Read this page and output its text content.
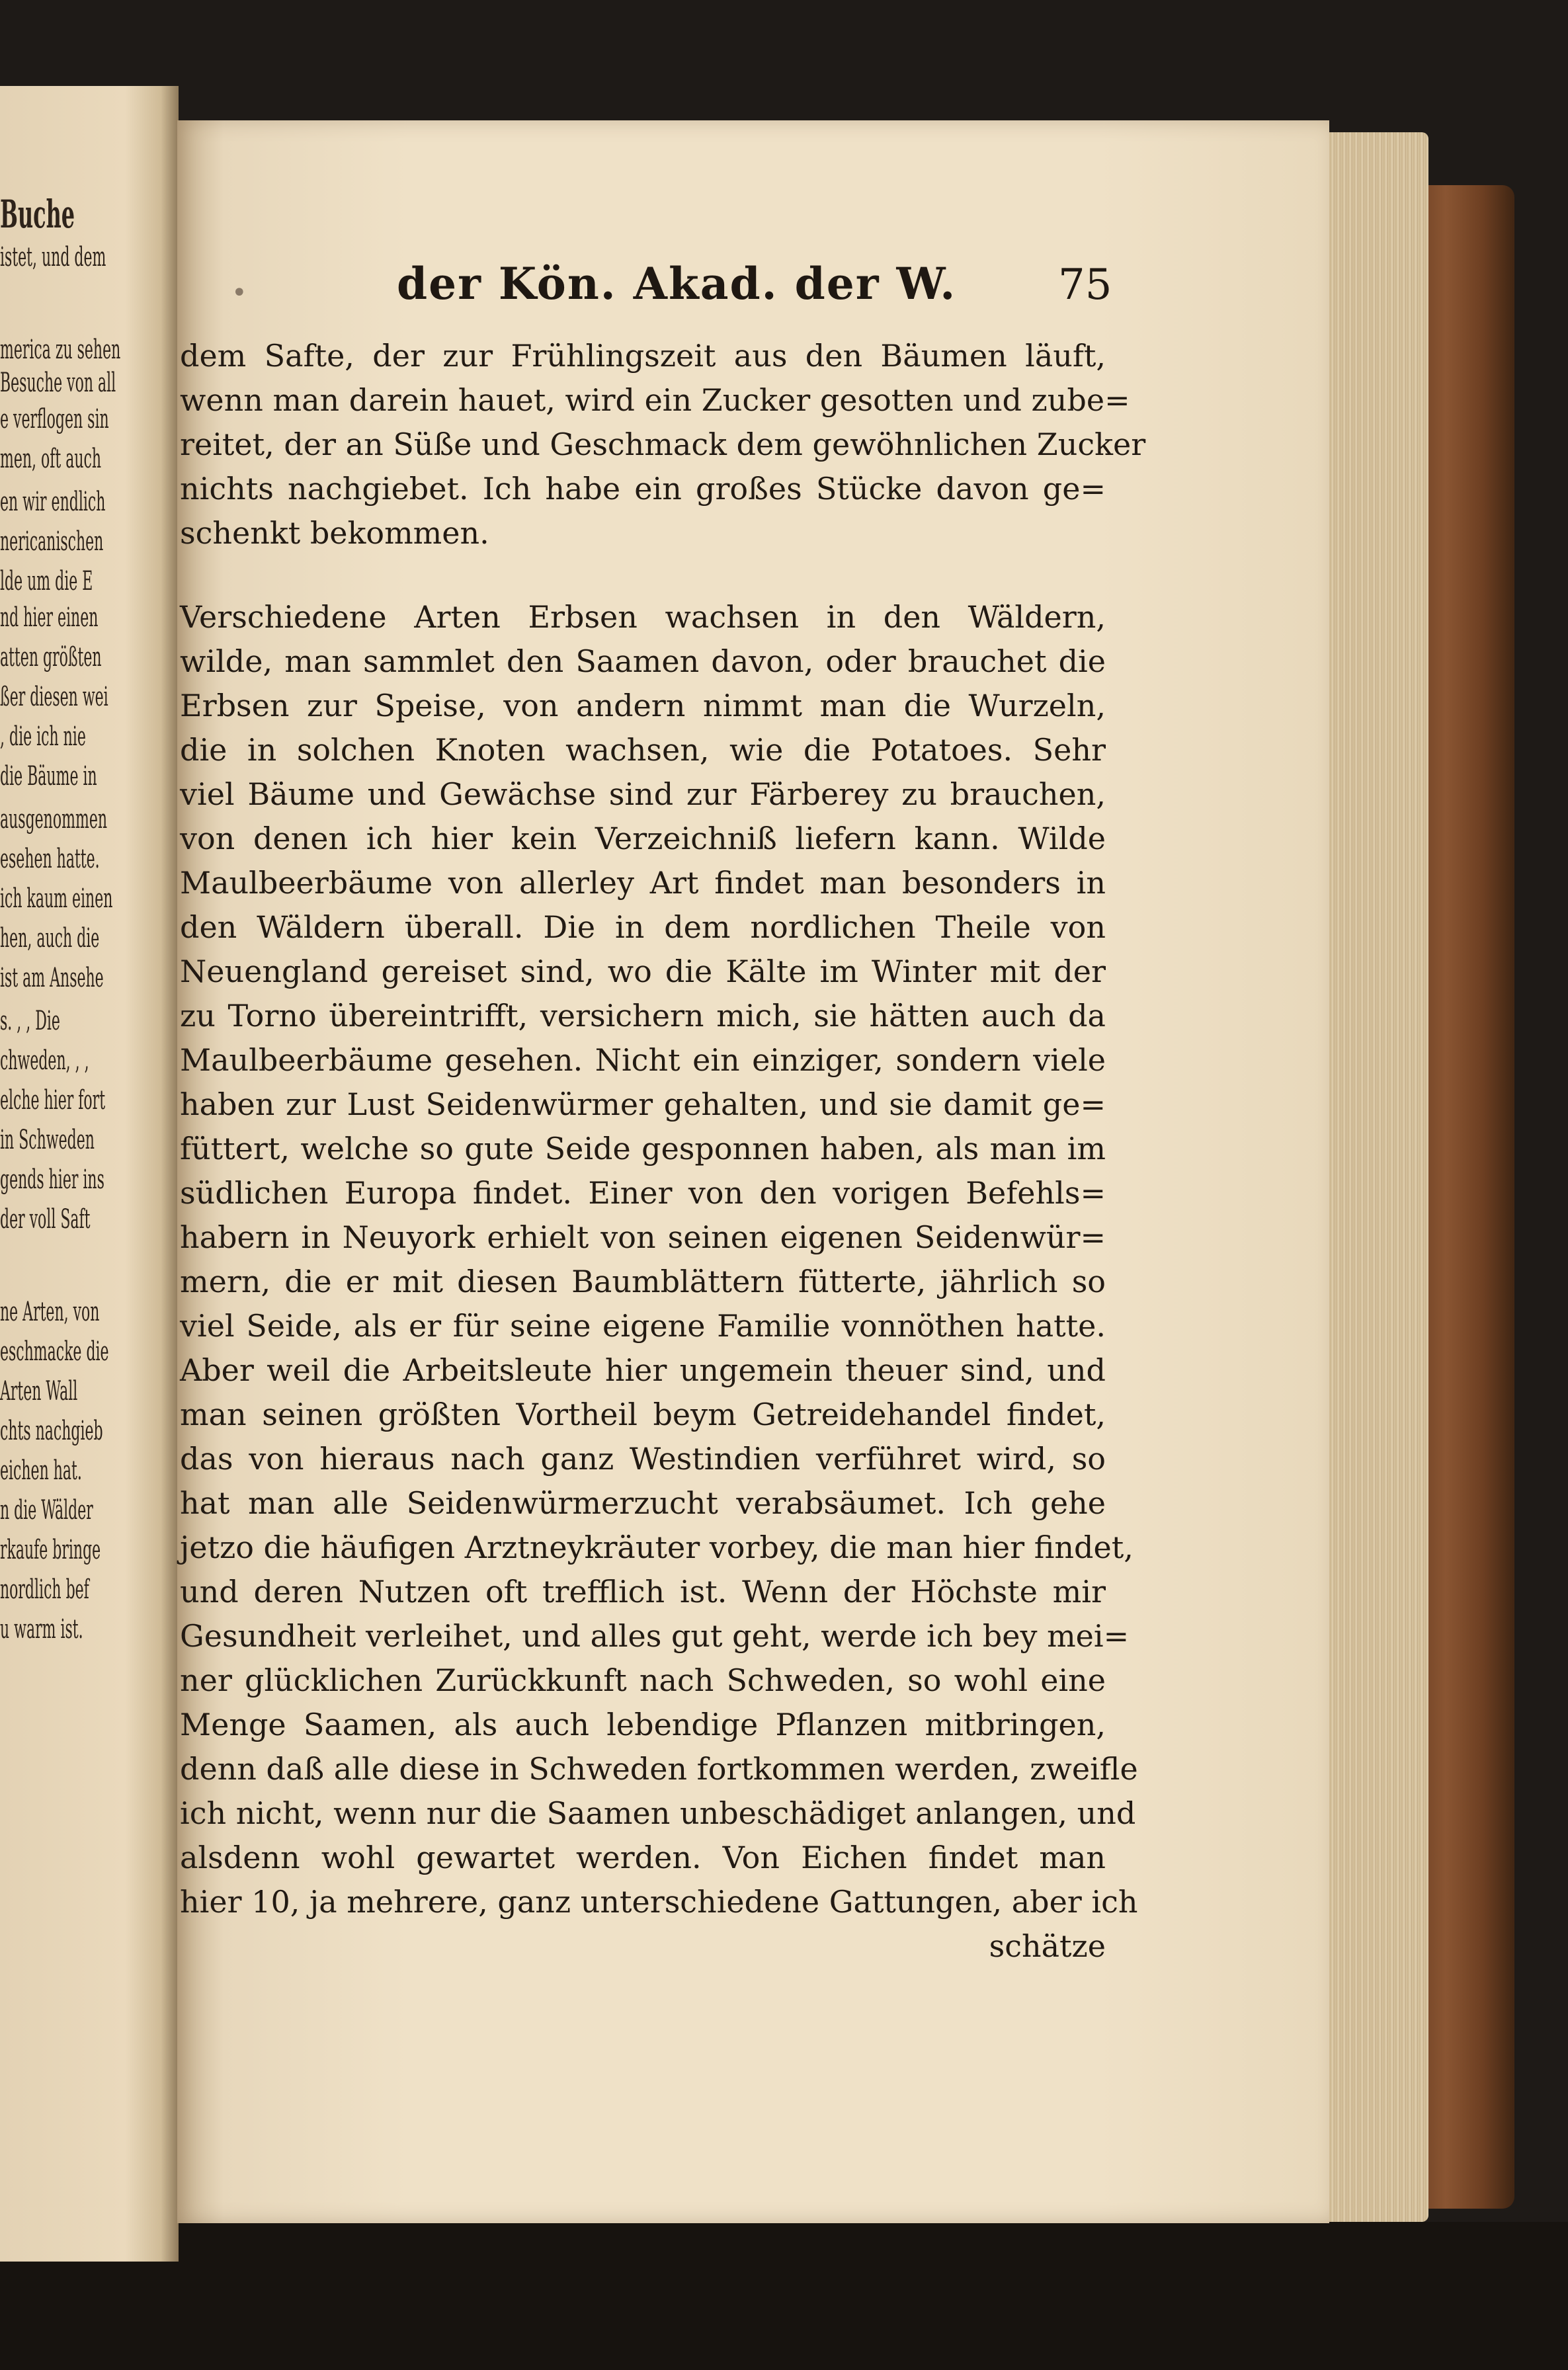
Buche
istet, und dem
merica zu sehen
Besuche von all
e verflogen sin
men, oft auch
en wir endlich
nericanischen
lde um die E
nd hier einen
atten größten
ßer diesen wei
, die ich nie
die Bäume in
ausgenommen
esehen hatte.
ich kaum einen
hen, auch die
ist am Ansehe
s. , , Die
chweden, , ,
elche hier fort
in Schweden
gends hier ins
der voll Saft
ne Arten, von
eschmacke die
Arten Wall
chts nachgieb
eichen hat.
n die Wälder
rkaufe bringe
nordlich bef
u warm ist.
•	der Kön. Akad. der W. 75
dem Safte, der zur Frühlingszeit aus den Bäumen läuft,
wenn man darein hauet, wird ein Zucker gesotten und zube=
reitet, der an Süße und Geschmack dem gewöhnlichen Zucker
nichts nachgiebet. Ich habe ein großes Stücke davon ge=
schenkt bekommen.
Verschiedene Arten Erbsen wachsen in den Wäldern,
wilde, man sammlet den Saamen davon, oder brauchet die
Erbsen zur Speise, von andern nimmt man die Wurzeln,
die in solchen Knoten wachsen, wie die Potatoes. Sehr
viel Bäume und Gewächse sind zur Färberey zu brauchen,
von denen ich hier kein Verzeichniß liefern kann. Wilde
Maulbeerbäume von allerley Art findet man besonders in
den Wäldern überall. Die in dem nordlichen Theile von
Neuengland gereiset sind, wo die Kälte im Winter mit der
zu Torno übereintrifft, versichern mich, sie hätten auch da
Maulbeerbäume gesehen. Nicht ein einziger, sondern viele
haben zur Lust Seidenwürmer gehalten, und sie damit ge=
füttert, welche so gute Seide gesponnen haben, als man im
südlichen Europa findet. Einer von den vorigen Befehls=
habern in Neuyork erhielt von seinen eigenen Seidenwür=
mern, die er mit diesen Baumblättern fütterte, jährlich so
viel Seide, als er für seine eigene Familie vonnöthen hatte.
Aber weil die Arbeitsleute hier ungemein theuer sind, und
man seinen größten Vortheil beym Getreidehandel findet,
das von hieraus nach ganz Westindien verführet wird, so
hat man alle Seidenwürmerzucht verabsäumet. Ich gehe
jetzo die häufigen Arztneykräuter vorbey, die man hier findet,
und deren Nutzen oft trefflich ist. Wenn der Höchste mir
Gesundheit verleihet, und alles gut geht, werde ich bey mei=
ner glücklichen Zurückkunft nach Schweden, so wohl eine
Menge Saamen, als auch lebendige Pflanzen mitbringen,
denn daß alle diese in Schweden fortkommen werden, zweifle
ich nicht, wenn nur die Saamen unbeschädiget anlangen, und
alsdenn wohl gewartet werden. Von Eichen findet man
hier 10, ja mehrere, ganz unterschiedene Gattungen, aber ich
schätze
